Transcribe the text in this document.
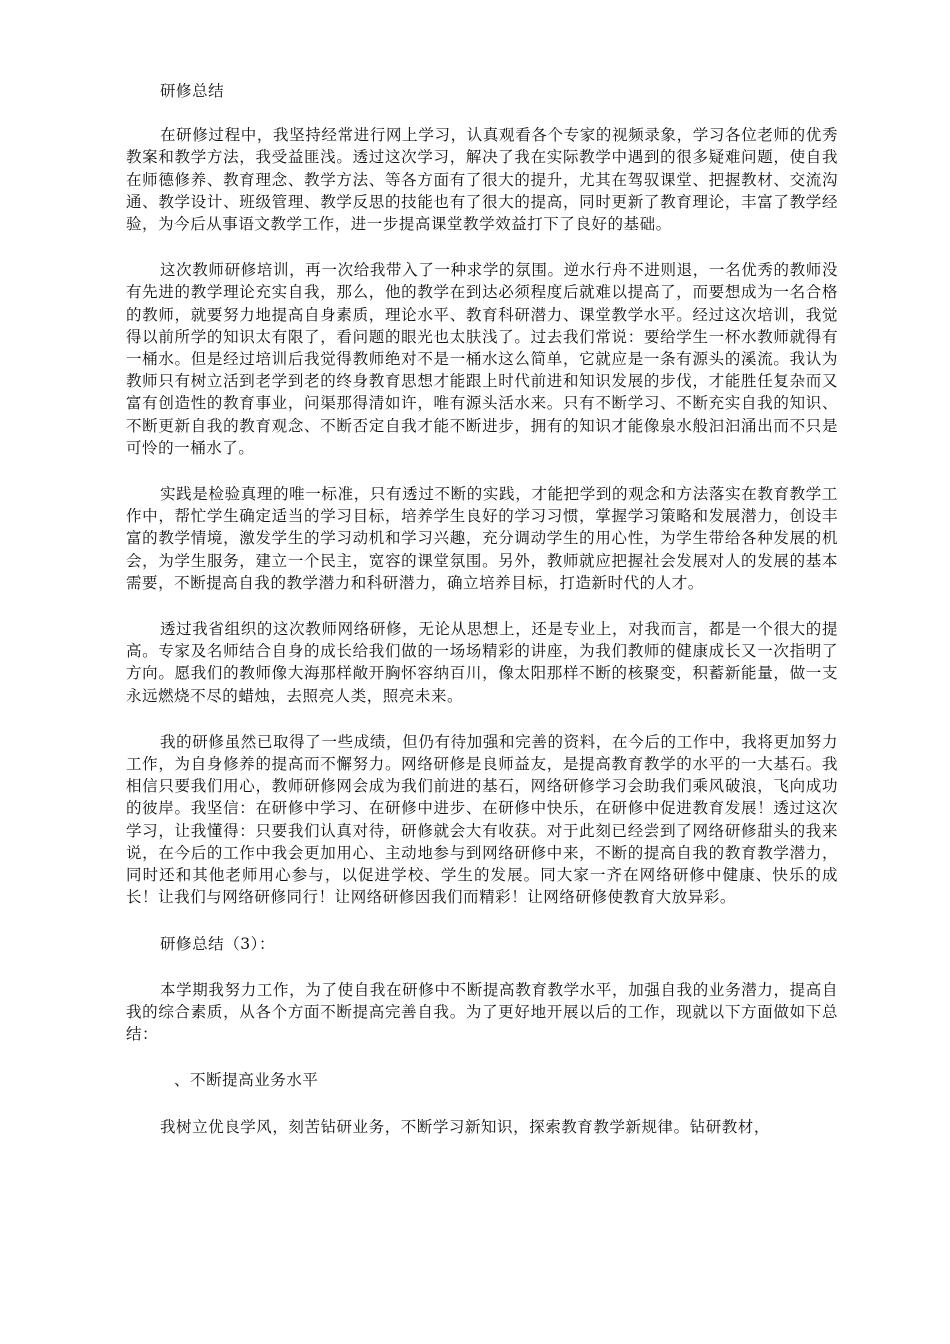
研修总结

在研修过程中，我坚持经常进行网上学习，认真观看各个专家的视频录象，学习各位老师的优秀教案和教学方法，我受益匪浅。透过这次学习，解决了我在实际教学中遇到的很多疑难问题，使自我在师德修养、教育理念、教学方法、等各方面有了很大的提升，尤其在驾驭课堂、把握教材、交流沟通、教学设计、班级管理、教学反思的技能也有了很大的提高，同时更新了教育理论，丰富了教学经验，为今后从事语文教学工作，进一步提高课堂教学效益打下了良好的基础。

这次教师研修培训，再一次给我带入了一种求学的氛围。逆水行舟不进则退，一名优秀的教师没有先进的教学理论充实自我，那么，他的教学在到达必须程度后就难以提高了，而要想成为一名合格的教师，就要努力地提高自身素质，理论水平、教育科研潜力、课堂教学水平。经过这次培训，我觉得以前所学的知识太有限了，看问题的眼光也太肤浅了。过去我们常说：要给学生一杯水教师就得有一桶水。但是经过培训后我觉得教师绝对不是一桶水这么简单，它就应是一条有源头的溪流。我认为教师只有树立活到老学到老的终身教育思想才能跟上时代前进和知识发展的步伐，才能胜任复杂而又富有创造性的教育事业，问渠那得清如许，唯有源头活水来。只有不断学习、不断充实自我的知识、不断更新自我的教育观念、不断否定自我才能不断进步，拥有的知识才能像泉水般汩汩涌出而不只是可怜的一桶水了。

实践是检验真理的唯一标准，只有透过不断的实践，才能把学到的观念和方法落实在教育教学工作中，帮忙学生确定适当的学习目标，培养学生良好的学习习惯，掌握学习策略和发展潜力，创设丰富的教学情境，激发学生的学习动机和学习兴趣，充分调动学生的用心性，为学生带给各种发展的机会，为学生服务，建立一个民主，宽容的课堂氛围。另外，教师就应把握社会发展对人的发展的基本需要，不断提高自我的教学潜力和科研潜力，确立培养目标，打造新时代的人才。

透过我省组织的这次教师网络研修，无论从思想上，还是专业上，对我而言，都是一个很大的提高。专家及名师结合自身的成长给我们做的一场场精彩的讲座，为我们教师的健康成长又一次指明了方向。愿我们的教师像大海那样敞开胸怀容纳百川，像太阳那样不断的核聚变，积蓄新能量，做一支永远燃烧不尽的蜡烛，去照亮人类，照亮未来。

我的研修虽然已取得了一些成绩，但仍有待加强和完善的资料，在今后的工作中，我将更加努力工作，为自身修养的提高而不懈努力。网络研修是良师益友，是提高教育教学的水平的一大基石。我相信只要我们用心，教师研修网会成为我们前进的基石，网络研修学习会助我们乘风破浪，飞向成功的彼岸。我坚信：在研修中学习、在研修中进步、在研修中快乐，在研修中促进教育发展！透过这次学习，让我懂得：只要我们认真对待，研修就会大有收获。对于此刻已经尝到了网络研修甜头的我来说，在今后的工作中我会更加用心、主动地参与到网络研修中来，不断的提高自我的教育教学潜力，同时还和其他老师用心参与，以促进学校、学生的发展。同大家一齐在网络研修中健康、快乐的成长！让我们与网络研修同行！让网络研修因我们而精彩！让网络研修使教育大放异彩。

研修总结（3）：

本学期我努力工作，为了使自我在研修中不断提高教育教学水平，加强自我的业务潜力，提高自我的综合素质，从各个方面不断提高完善自我。为了更好地开展以后的工作，现就以下方面做如下总结：

、不断提高业务水平

我树立优良学风，刻苦钻研业务，不断学习新知识，探索教育教学新规律。钻研教材，
